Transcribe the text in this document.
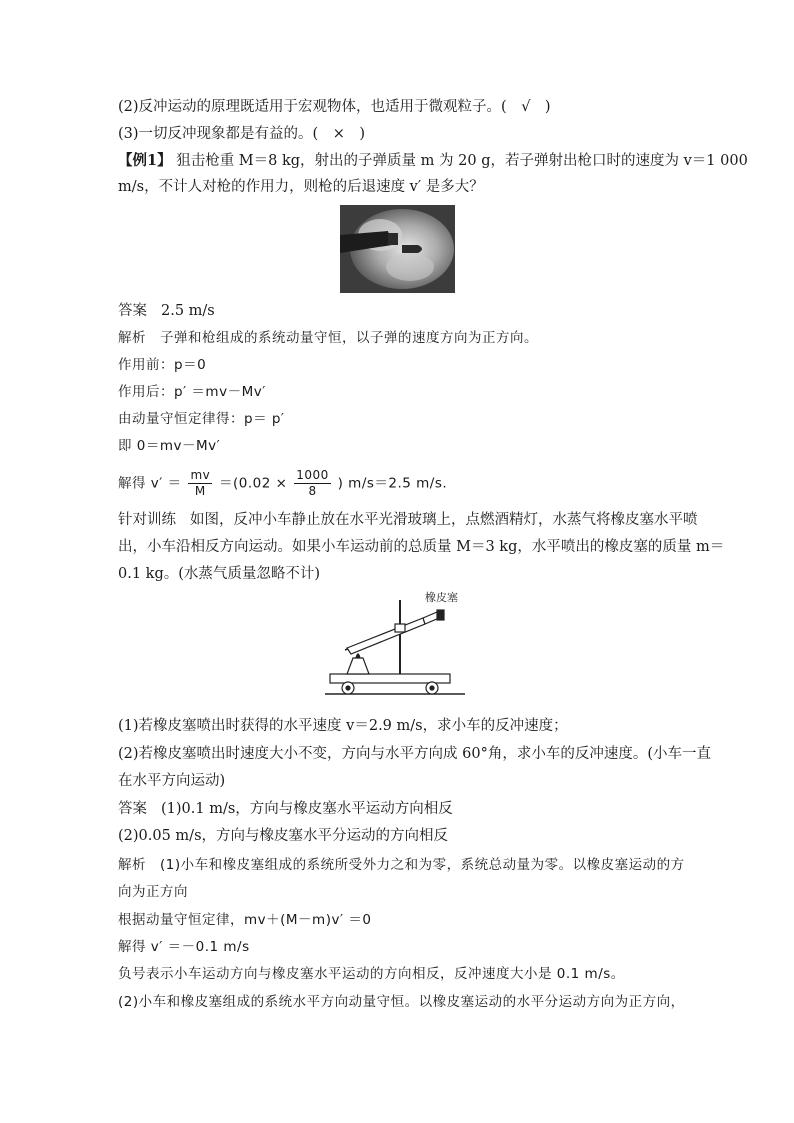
(2)反冲运动的原理既适用于宏观物体，也适用于微观粒子。(　√　)
(3)一切反冲现象都是有益的。(　×　)
【例1】 狙击枪重 M＝8 kg，射出的子弹质量 m 为 20 g，若子弹射出枪口时的速度为 v＝1 000
m/s，不计人对枪的作用力，则枪的后退速度 v′ 是多大？
答案 2.5 m/s
解析 子弹和枪组成的系统动量守恒，以子弹的速度方向为正方向。
作用前：p＝0
作用后：p′ ＝mv－Mv′
由动量守恒定律得：p＝ p′
即 0＝mv－Mv′
解得 $v' = \frac{mv}{M} =(0.02 \times \frac{1000}{8}$ ) m/s＝2.5 m/s.
针对训练 如图，反冲小车静止放在水平光滑玻璃上，点燃酒精灯，水蒸气将橡皮塞水平喷
出，小车沿相反方向运动。如果小车运动前的总质量 M＝3 kg，水平喷出的橡皮塞的质量 m＝
0.1 kg。(水蒸气质量忽略不计)
橡皮塞
(1)若橡皮塞喷出时获得的水平速度 v＝2.9 m/s，求小车的反冲速度；
(2)若橡皮塞喷出时速度大小不变，方向与水平方向成 60°角，求小车的反冲速度。(小车一直
在水平方向运动)
答案 (1)0.1 m/s，方向与橡皮塞水平运动方向相反
(2)0.05 m/s，方向与橡皮塞水平分运动的方向相反
解析 (1)小车和橡皮塞组成的系统所受外力之和为零，系统总动量为零。以橡皮塞运动的方
向为正方向
根据动量守恒定律，mv＋(M－m)v′ ＝0
解得 v′ ＝－0.1 m/s
负号表示小车运动方向与橡皮塞水平运动的方向相反，反冲速度大小是 0.1 m/s。
(2)小车和橡皮塞组成的系统水平方向动量守恒。以橡皮塞运动的水平分运动方向为正方向，
